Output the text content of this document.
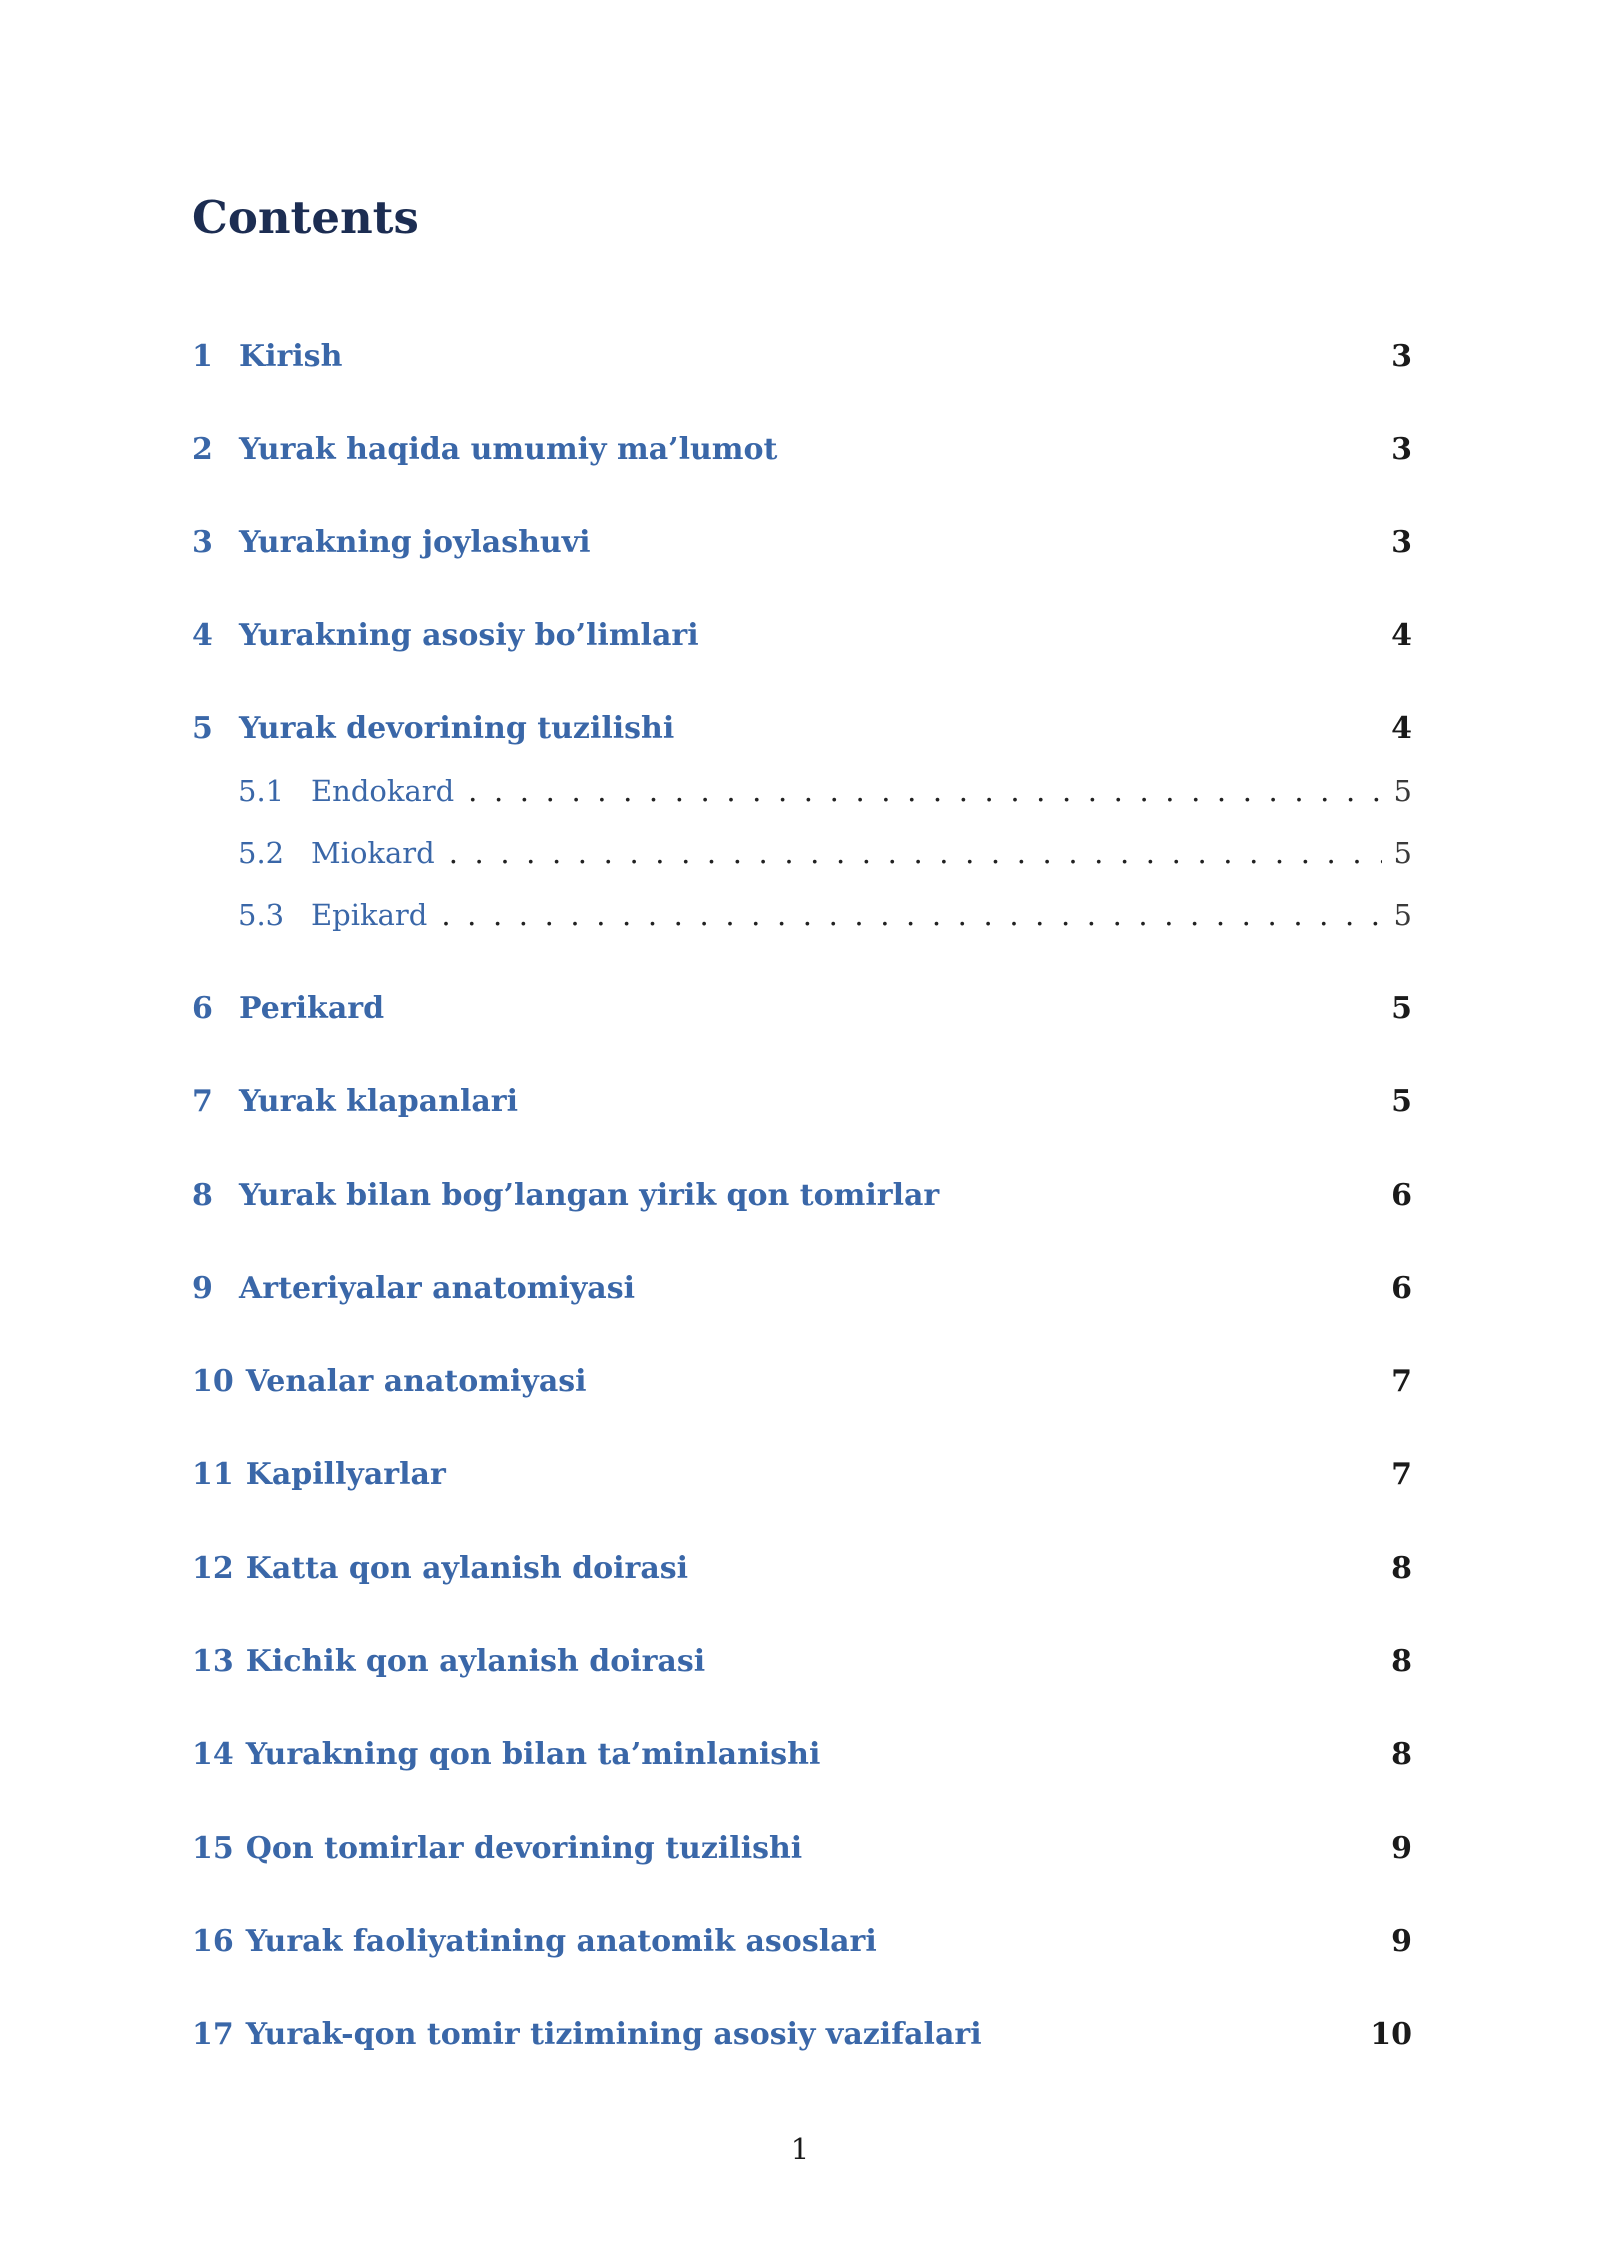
Contents
1 Kirish	3
2 Yurak haqida umumiy ma’lumot	3
3 Yurakning joylashuvi	3
4 Yurakning asosiy bo’limlari	4
5 Yurak devorining tuzilishi	4
5.1 Endokard .....	5
5.2 Miokard .....	5
5.3 Epikard .....	5
6 Perikard	5
7 Yurak klapanlari	5
8 Yurak bilan bog’langan yirik qon tomirlar	6
9 Arteriyalar anatomiyasi	6
10 Venalar anatomiyasi	7
11 Kapillyarlar	7
12 Katta qon aylanish doirasi	8
13 Kichik qon aylanish doirasi	8
14 Yurakning qon bilan ta’minlanishi	8
15 Qon tomirlar devorining tuzilishi	9
16 Yurak faoliyatining anatomik asoslari	9
17 Yurak-qon tomir tizimining asosiy vazifalari	10
1
